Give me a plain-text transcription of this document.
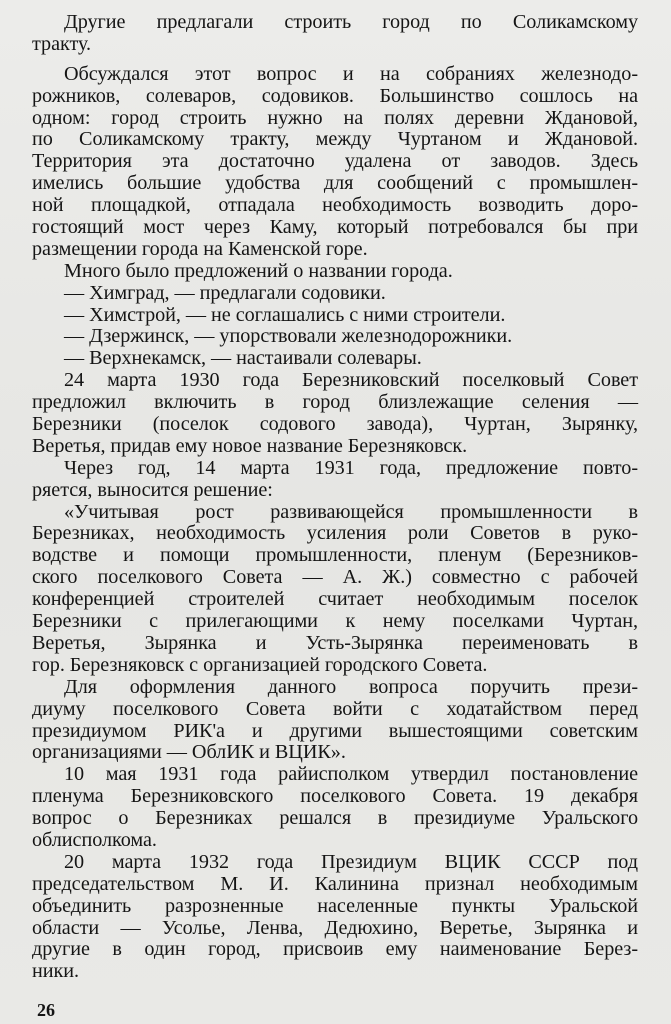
Другие предлагали строить город по Соликамскому
тракту.
Обсуждался этот вопрос и на собраниях железнодо-
рожников, солеваров, содовиков. Большинство сошлось на
одном: город строить нужно на полях деревни Ждановой,
по Соликамскому тракту, между Чуртаном и Ждановой.
Территория эта достаточно удалена от заводов. Здесь
имелись большие удобства для сообщений с промышлен-
ной площадкой, отпадала необходимость возводить доро-
гостоящий мост через Каму, который потребовался бы при
размещении города на Каменской горе.
Много было предложений о названии города.
— Химград, — предлагали содовики.
— Химстрой, — не соглашались с ними строители.
— Дзержинск, — упорствовали железнодорожники.
— Верхнекамск, — настаивали солевары.
24 марта 1930 года Березниковский поселковый Совет
предложил включить в город близлежащие селения —
Березники (поселок содового завода), Чуртан, Зырянку,
Веретья, придав ему новое название Березняковск.
Через год, 14 марта 1931 года, предложение повто-
ряется, выносится решение:
«Учитывая рост развивающейся промышленности в
Березниках, необходимость усиления роли Советов в руко-
водстве и помощи промышленности, пленум (Березников-
ского поселкового Совета — А. Ж.) совместно с рабочей
конференцией строителей считает необходимым поселок
Березники с прилегающими к нему поселками Чуртан,
Веретья, Зырянка и Усть-Зырянка переименовать в
гор. Березняковск с организацией городского Совета.
Для оформления данного вопроса поручить прези-
диуму поселкового Совета войти с ходатайством перед
президиумом РИК'а и другими вышестоящими советским
организациями — ОблИК и ВЦИК».
10 мая 1931 года райисполком утвердил постановление
пленума Березниковского поселкового Совета. 19 декабря
вопрос о Березниках решался в президиуме Уральского
облисполкома.
20 марта 1932 года Президиум ВЦИК СССР под
председательством М. И. Калинина признал необходимым
объединить разрозненные населенные пункты Уральской
области — Усолье, Ленва, Дедюхино, Веретье, Зырянка и
другие в один город, присвоив ему наименование Берез-
ники.
26
